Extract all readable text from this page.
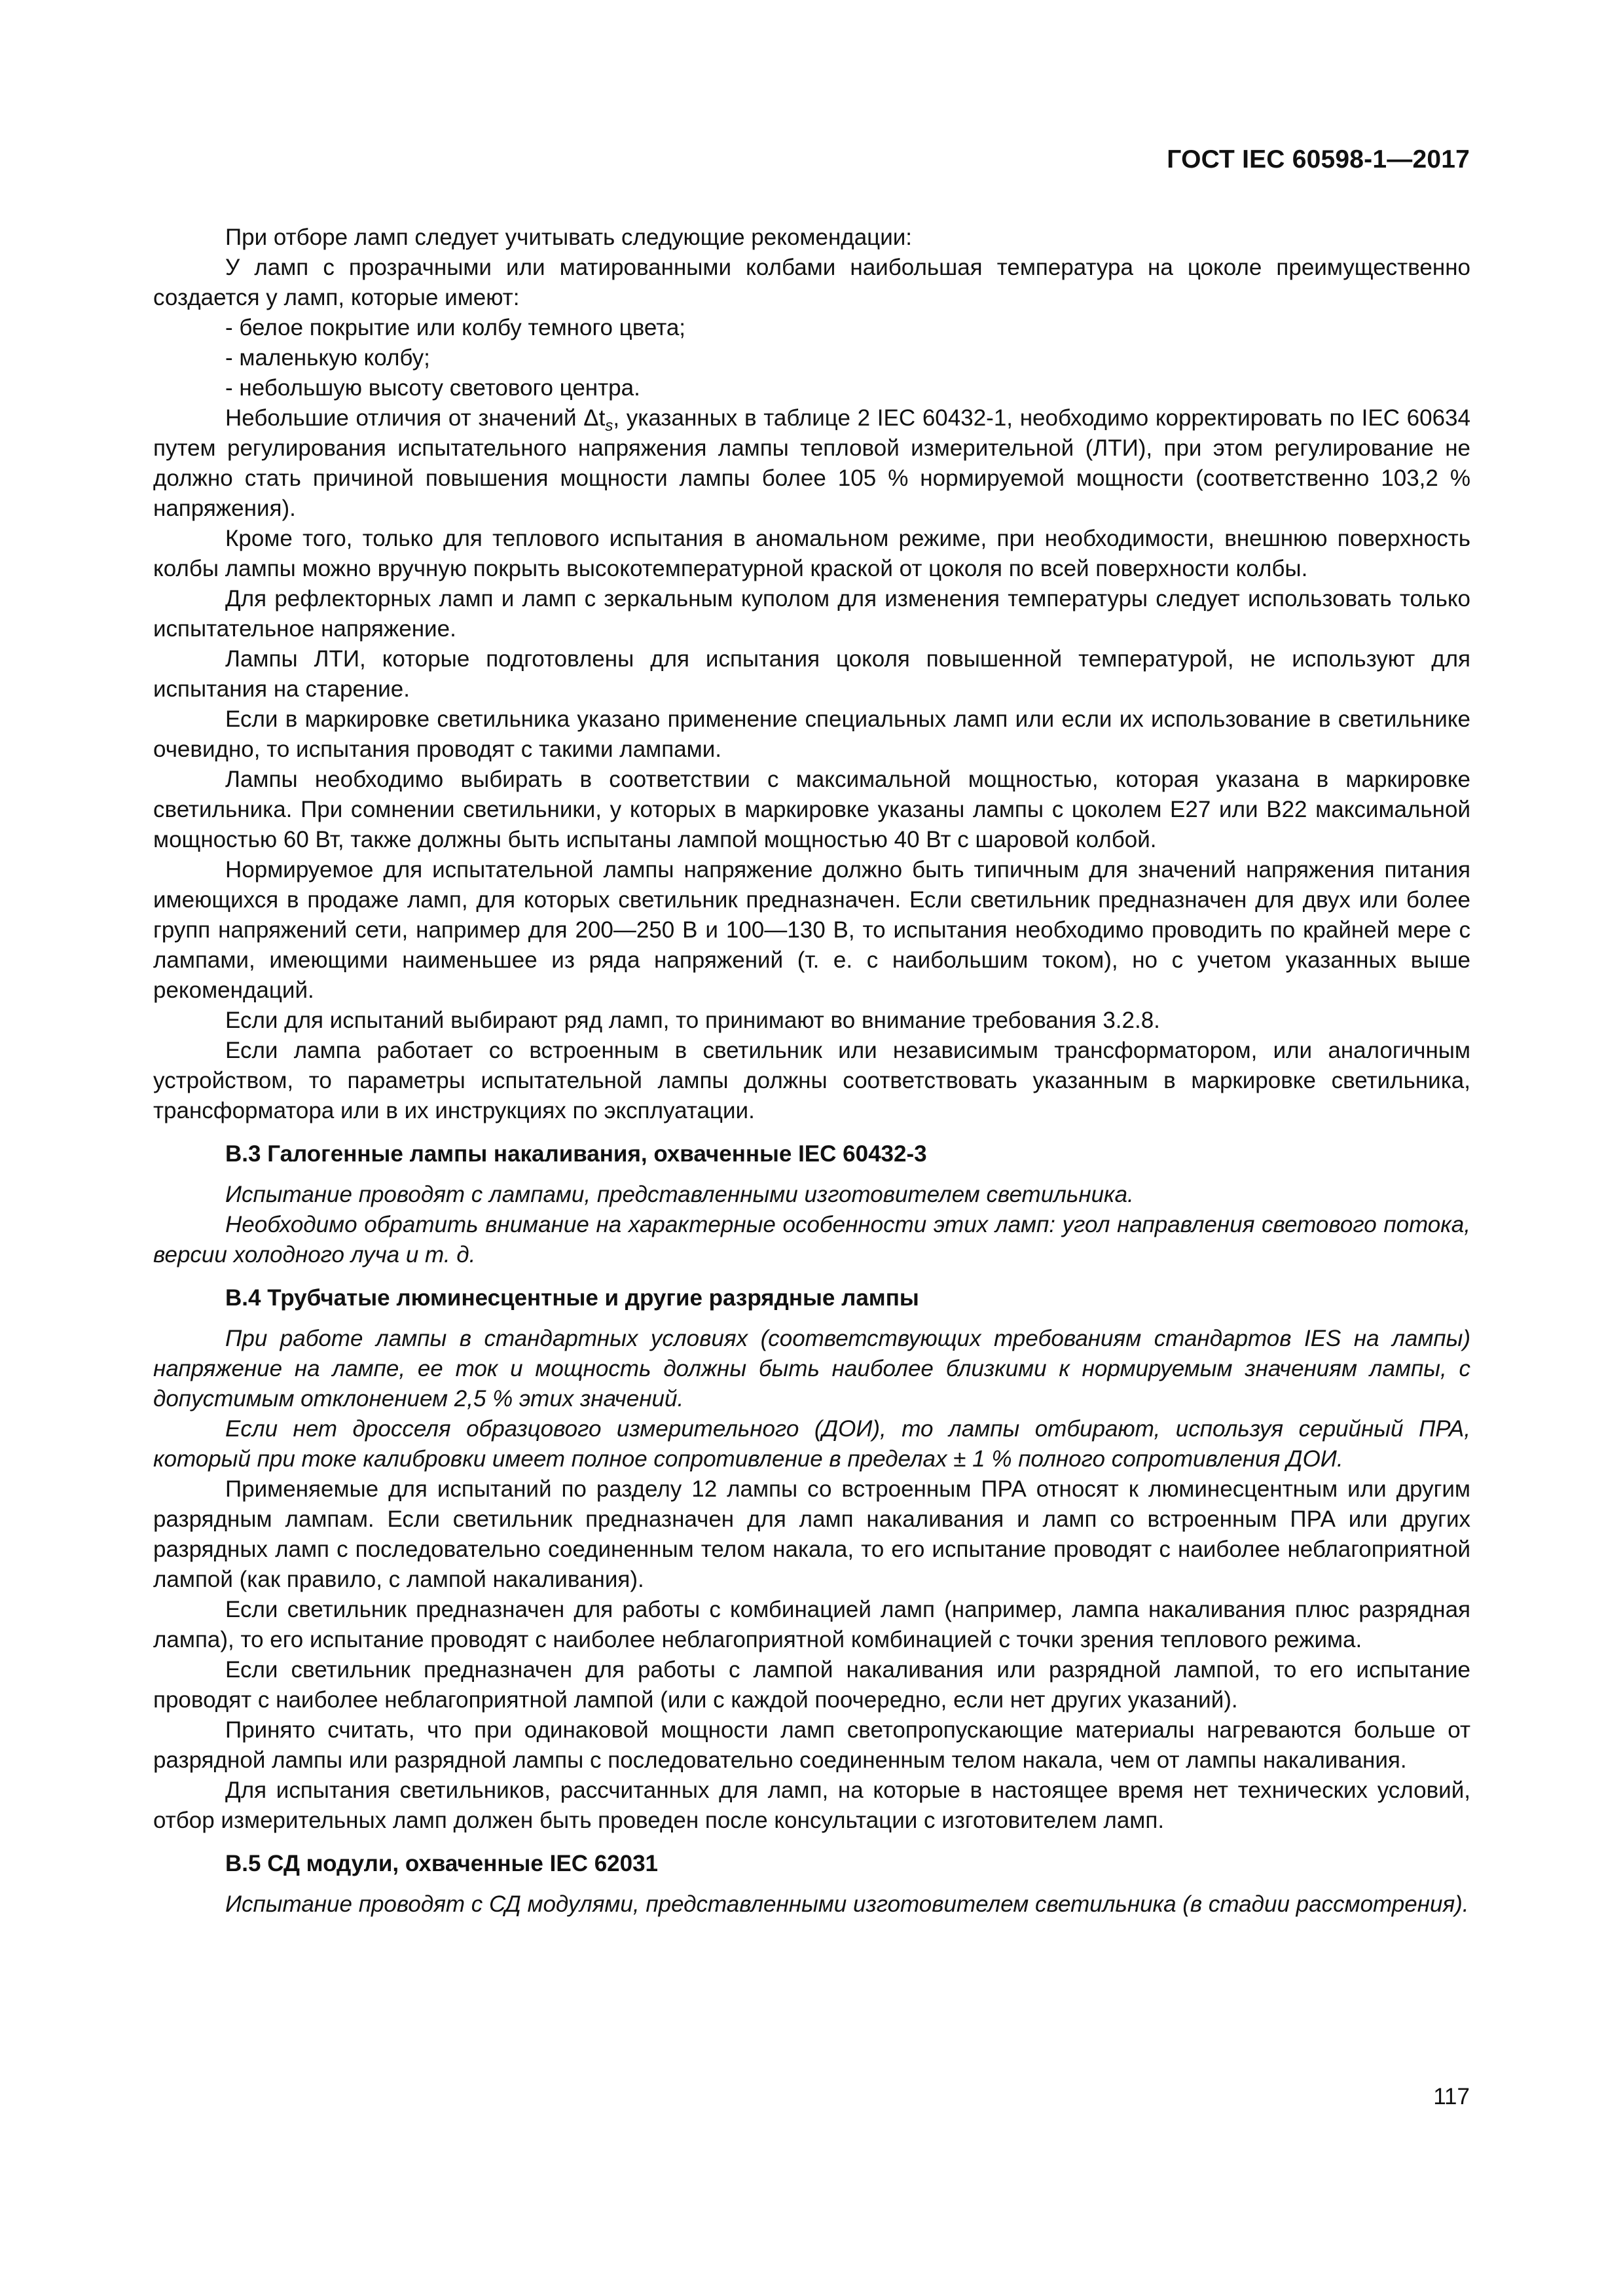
ГОСТ IEC 60598-1—2017

При отборе ламп следует учитывать следующие рекомендации:

У ламп с прозрачными или матированными колбами наибольшая температура на цоколе преимущественно создается у ламп, которые имеют:

- белое покрытие или колбу темного цвета;

- маленькую колбу;

- небольшую высоту светового центра.

Небольшие отличия от значений $\Delta t_s$, указанных в таблице 2 IEC 60432-1, необходимо корректировать по IEC 60634 путем регулирования испытательного напряжения лампы тепловой измерительной (ЛТИ), при этом регулирование не должно стать причиной повышения мощности лампы более 105 % нормируемой мощности (соответственно 103,2 % напряжения).

Кроме того, только для теплового испытания в аномальном режиме, при необходимости, внешнюю поверхность колбы лампы можно вручную покрыть высокотемпературной краской от цоколя по всей поверхности колбы.

Для рефлекторных ламп и ламп с зеркальным куполом для изменения температуры следует использовать только испытательное напряжение.

Лампы ЛТИ, которые подготовлены для испытания цоколя повышенной температурой, не используют для испытания на старение.

Если в маркировке светильника указано применение специальных ламп или если их использование в светильнике очевидно, то испытания проводят с такими лампами.

Лампы необходимо выбирать в соответствии с максимальной мощностью, которая указана в маркировке светильника. При сомнении светильники, у которых в маркировке указаны лампы с цоколем Е27 или В22 максимальной мощностью 60 Вт, также должны быть испытаны лампой мощностью 40 Вт с шаровой колбой.

Нормируемое для испытательной лампы напряжение должно быть типичным для значений напряжения питания имеющихся в продаже ламп, для которых светильник предназначен. Если светильник предназначен для двух или более групп напряжений сети, например для 200—250 В и 100—130 В, то испытания необходимо проводить по крайней мере с лампами, имеющими наименьшее из ряда напряжений (т. е. с наибольшим током), но с учетом указанных выше рекомендаций.

Если для испытаний выбирают ряд ламп, то принимают во внимание требования 3.2.8.

Если лампа работает со встроенным в светильник или независимым трансформатором, или аналогичным устройством, то параметры испытательной лампы должны соответствовать указанным в маркировке светильника, трансформатора или в их инструкциях по эксплуатации.

В.3 Галогенные лампы накаливания, охваченные IEC 60432-3

Испытание проводят с лампами, представленными изготовителем светильника.

Необходимо обратить внимание на характерные особенности этих ламп: угол направления светового потока, версии холодного луча и т. д.

В.4 Трубчатые люминесцентные и другие разрядные лампы

При работе лампы в стандартных условиях (соответствующих требованиям стандартов IES на лампы) напряжение на лампе, ее ток и мощность должны быть наиболее близкими к нормируемым значениям лампы, с допустимым отклонением 2,5 % этих значений.

Если нет дросселя образцового измерительного (ДОИ), то лампы отбирают, используя серийный ПРА, который при токе калибровки имеет полное сопротивление в пределах ± 1 % полного сопротивления ДОИ.

Применяемые для испытаний по разделу 12 лампы со встроенным ПРА относят к люминесцентным или другим разрядным лампам. Если светильник предназначен для ламп накаливания и ламп со встроенным ПРА или других разрядных ламп с последовательно соединенным телом накала, то его испытание проводят с наиболее неблагоприятной лампой (как правило, с лампой накаливания).

Если светильник предназначен для работы с комбинацией ламп (например, лампа накаливания плюс разрядная лампа), то его испытание проводят с наиболее неблагоприятной комбинацией с точки зрения теплового режима.

Если светильник предназначен для работы с лампой накаливания или разрядной лампой, то его испытание проводят с наиболее неблагоприятной лампой (или с каждой поочередно, если нет других указаний).

Принято считать, что при одинаковой мощности ламп светопропускающие материалы нагреваются больше от разрядной лампы или разрядной лампы с последовательно соединенным телом накала, чем от лампы накаливания.

Для испытания светильников, рассчитанных для ламп, на которые в настоящее время нет технических условий, отбор измерительных ламп должен быть проведен после консультации с изготовителем ламп.

В.5 СД модули, охваченные IEC 62031

Испытание проводят с СД модулями, представленными изготовителем светильника (в стадии рассмотрения).

117
